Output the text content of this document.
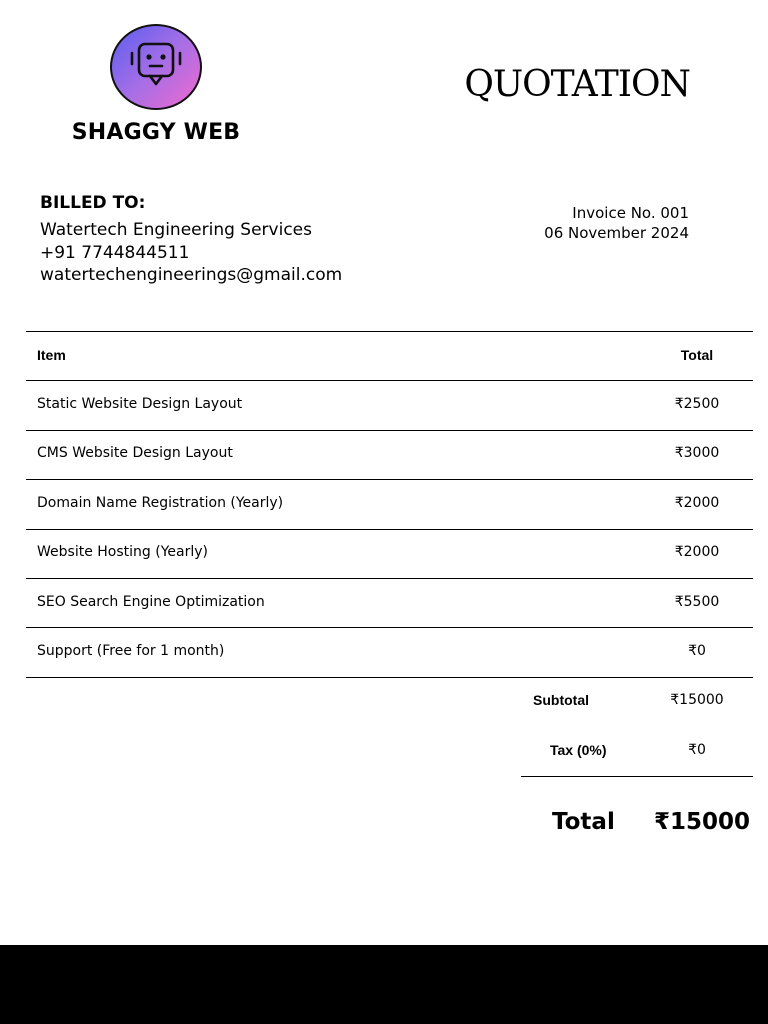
SHAGGY WEB
QUOTATION
BILLED TO:
Watertech Engineering Services
+91 7744844511
watertechengineerings@gmail.com
Invoice No. 001
06 November 2024
Item	Total
Static Website Design Layout	₹2500
CMS Website Design Layout	₹3000
Domain Name Registration (Yearly)	₹2000
Website Hosting (Yearly)	₹2000
SEO Search Engine Optimization	₹5500
Support (Free for 1 month)	₹0
Subtotal	₹15000
Tax (0%)	₹0
Total ₹15000
